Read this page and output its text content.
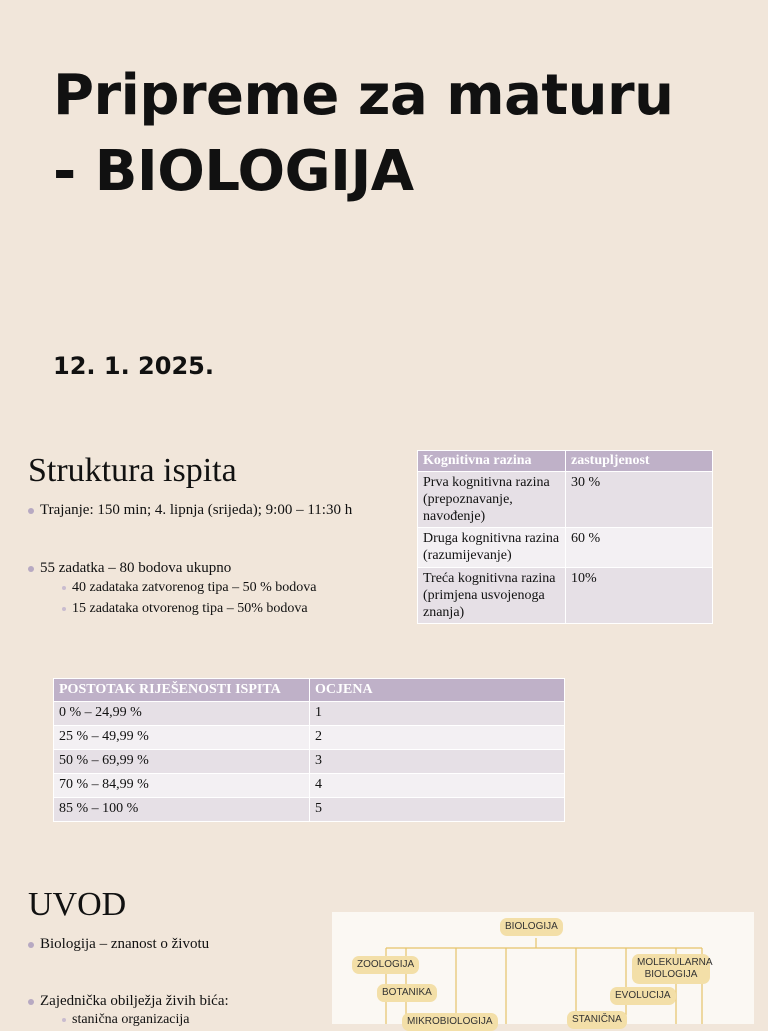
Pripreme za maturu
- BIOLOGIJA
12. 1. 2025.
Struktura ispita
Trajanje: 150 min; 4. lipnja (srijeda); 9:00 – 11:30 h
55 zadatka – 80 bodova ukupno
40 zadataka zatvorenog tipa – 50 % bodova
15 zadataka otvorenog tipa – 50% bodova
Kognitivna razina	zastupljenost
Prva kognitivna razina (prepoznavanje, navođenje)	30 %
Druga kognitivna razina (razumijevanje)	60 %
Treća kognitivna razina (primjena usvojenoga znanja)	10%
POSTOTAK RIJEŠENOSTI ISPITA	OCJENA
0 % – 24,99 %	1
25 % – 49,99 %	2
50 % – 69,99 %	3
70 % – 84,99 %	4
85 % – 100 %	5
UVOD
Biologija – znanost o životu
Zajednička obilježja živih bića:
stanična organizacija
BIOLOGIJA
ZOOLOGIJA
BOTANIKA
MIKROBIOLOGIJA
EVOLUCIJA
MOLEKULARNA BIOLOGIJA
STANIČNA
